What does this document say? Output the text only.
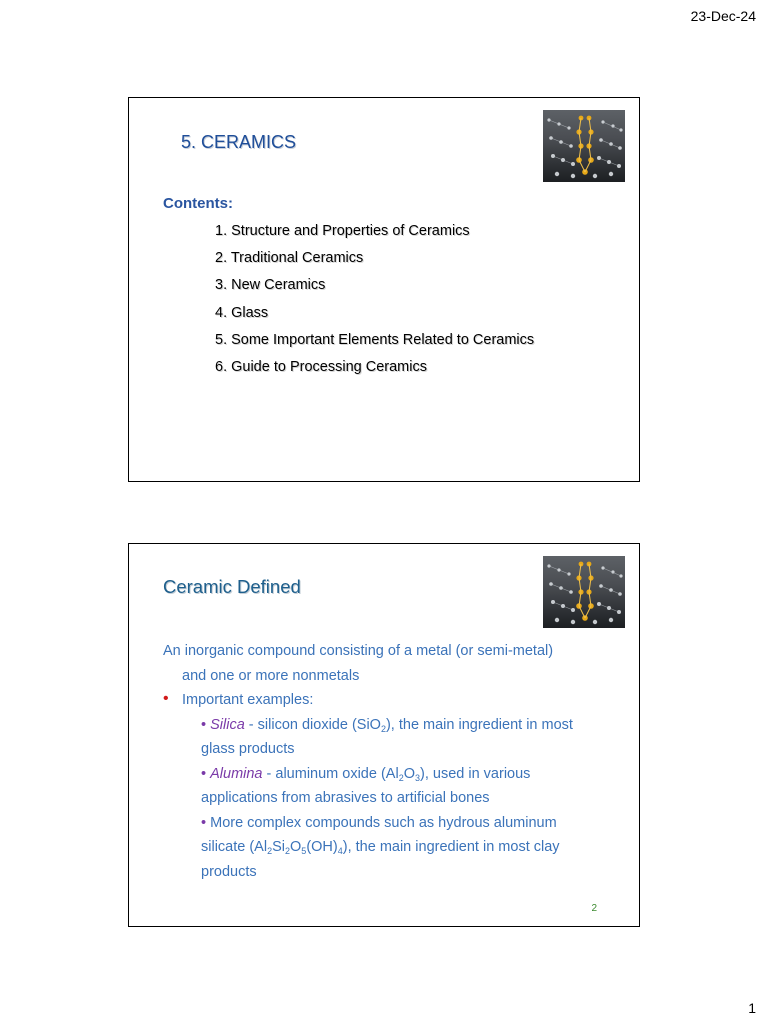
23-Dec-24
5. CERAMICS
Contents:
1. Structure and Properties of Ceramics
2. Traditional Ceramics
3. New Ceramics
4. Glass
5. Some Important Elements Related to Ceramics
6. Guide to Processing Ceramics
Ceramic Defined
An inorganic compound consisting of a metal (or semi-metal)
and one or more nonmetals
• Important examples:
• Silica - silicon dioxide (SiO$_2$), the main ingredient in most
glass products
• Alumina - aluminum oxide $(Al_2O_3)$, used in various
applications from abrasives to artificial bones
• More complex compounds such as hydrous aluminum
silicate $(Al_2Si_2O_5(OH)_4)$, the main ingredient in most clay
products
2
1
